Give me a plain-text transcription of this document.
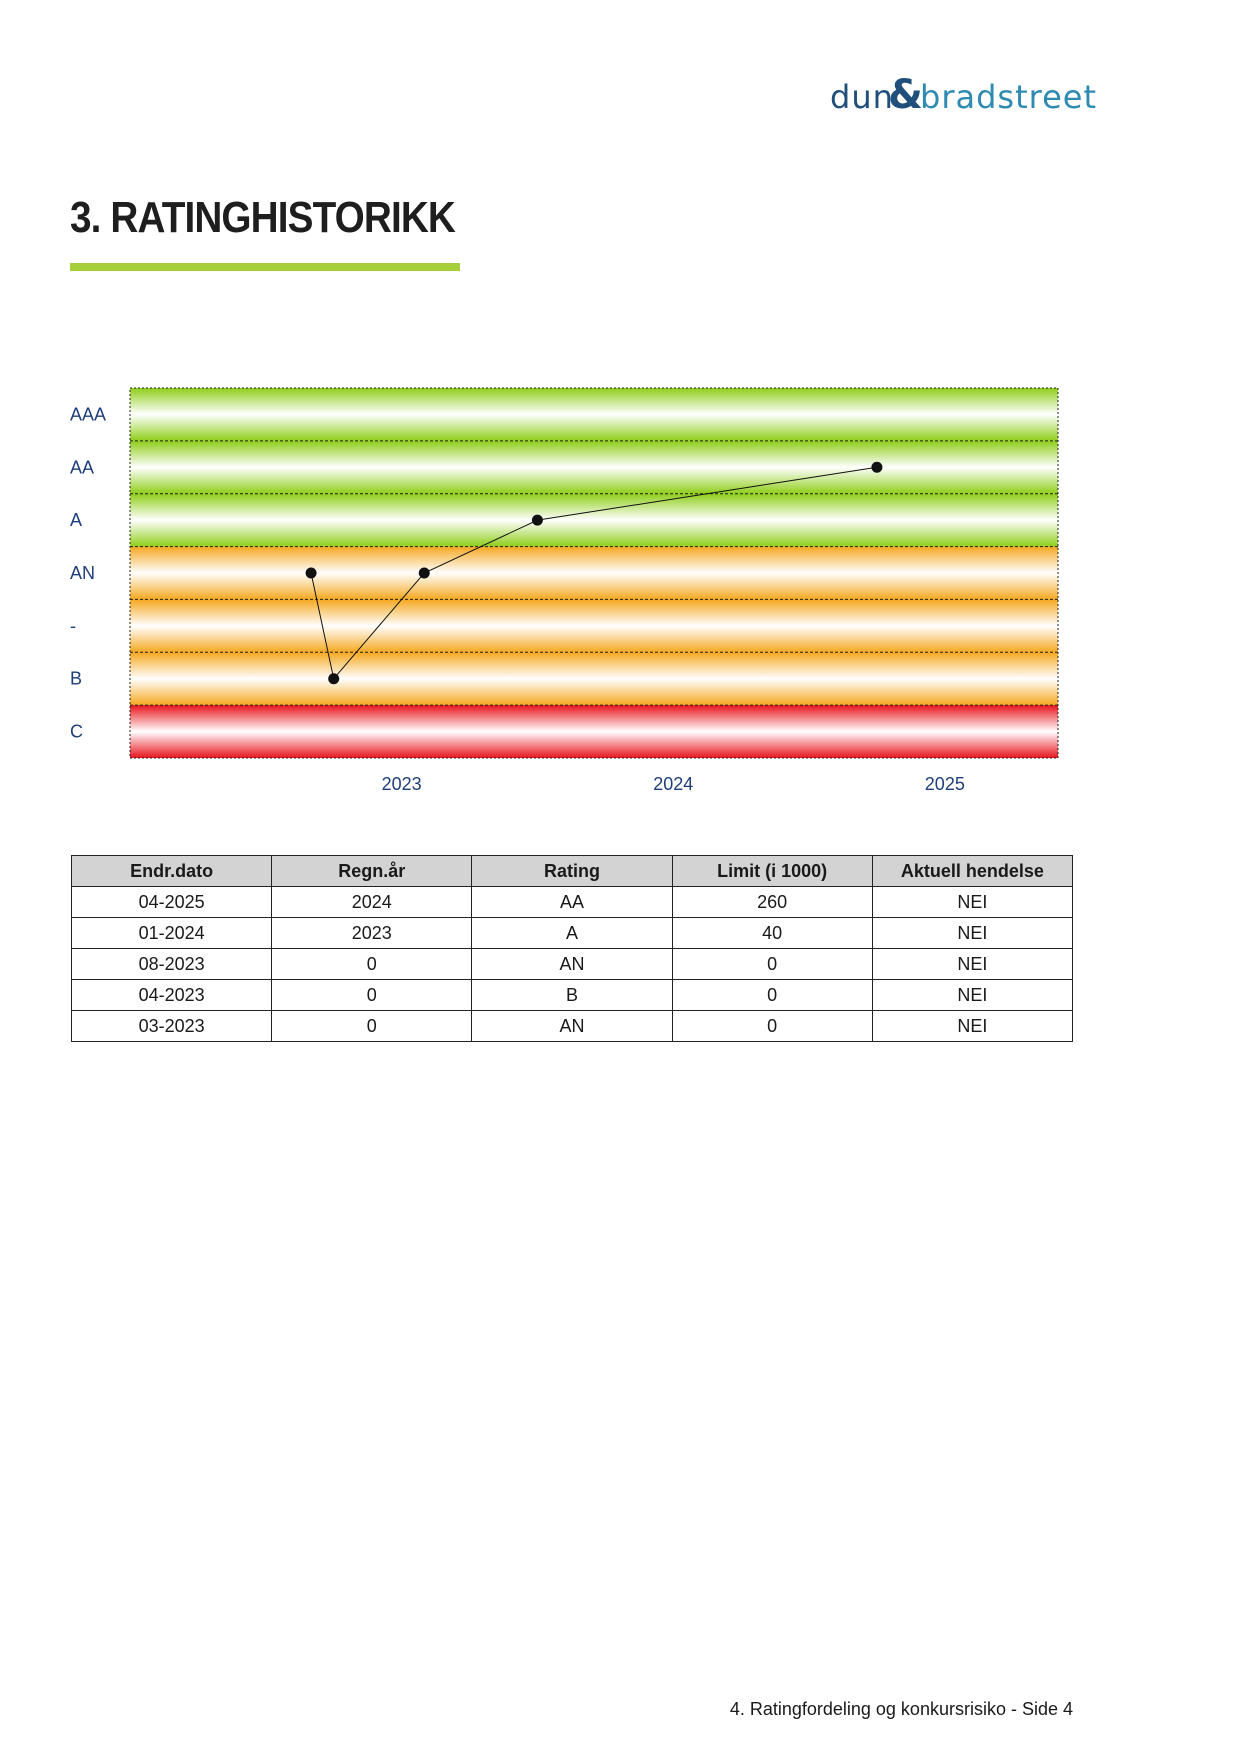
dun
&
bradstreet
3. RATINGHISTORIKK
AAA
AA
A
AN
-
B
C
2023	2024	2025
Endr.dato	Regn.år	Rating	Limit (i 1000)	Aktuell hendelse
04-2025	2024	AA	260	NEI
01-2024	2023	A	40	NEI
08-2023	0	AN	0	NEI
04-2023	0	B	0	NEI
03-2023	0	AN	0	NEI
4. Ratingfordeling og konkursrisiko - Side 4
